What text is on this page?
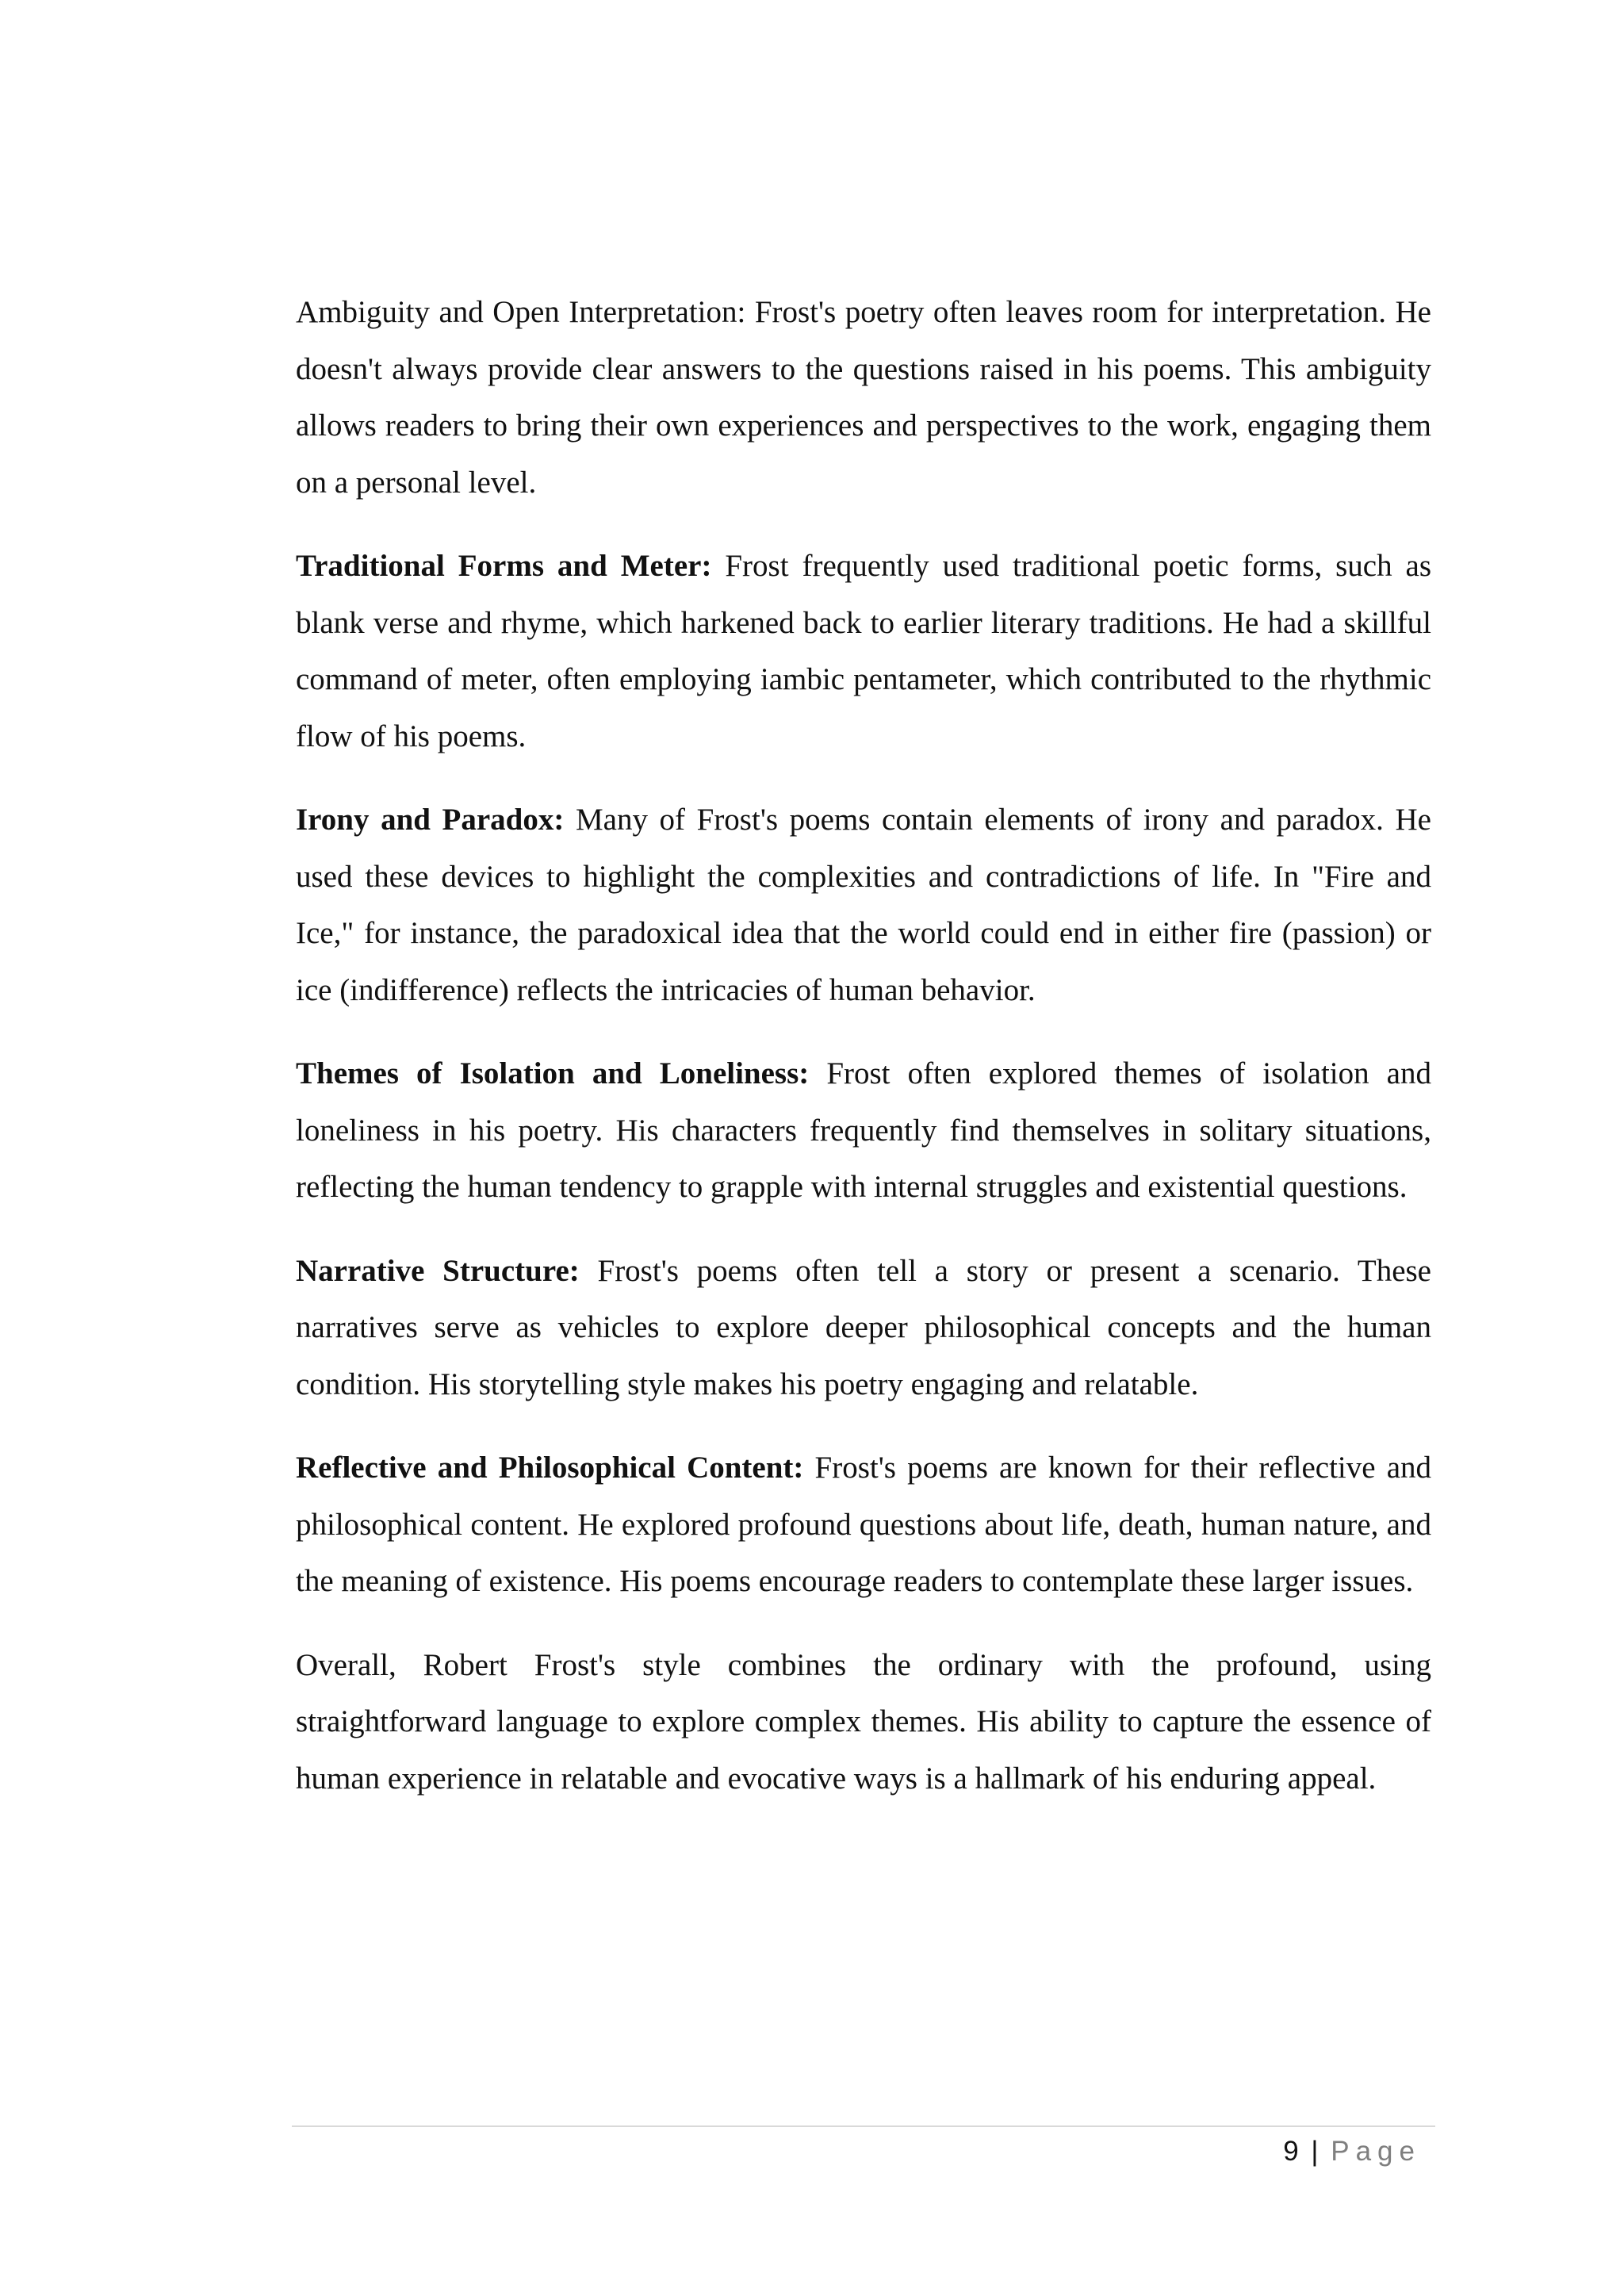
Ambiguity and Open Interpretation: Frost's poetry often leaves room for interpretation. He doesn't always provide clear answers to the questions raised in his poems. This ambiguity allows readers to bring their own experiences and perspectives to the work, engaging them on a personal level.

Traditional Forms and Meter: Frost frequently used traditional poetic forms, such as blank verse and rhyme, which harkened back to earlier literary traditions. He had a skillful command of meter, often employing iambic pentameter, which contributed to the rhythmic flow of his poems.

Irony and Paradox: Many of Frost's poems contain elements of irony and paradox. He used these devices to highlight the complexities and contradictions of life. In "Fire and Ice," for instance, the paradoxical idea that the world could end in either fire (passion) or ice (indifference) reflects the intricacies of human behavior.

Themes of Isolation and Loneliness: Frost often explored themes of isolation and loneliness in his poetry. His characters frequently find themselves in solitary situations, reflecting the human tendency to grapple with internal struggles and existential questions.

Narrative Structure: Frost's poems often tell a story or present a scenario. These narratives serve as vehicles to explore deeper philosophical concepts and the human condition. His storytelling style makes his poetry engaging and relatable.

Reflective and Philosophical Content: Frost's poems are known for their reflective and philosophical content. He explored profound questions about life, death, human nature, and the meaning of existence. His poems encourage readers to contemplate these larger issues.

Overall, Robert Frost's style combines the ordinary with the profound, using straightforward language to explore complex themes. His ability to capture the essence of human experience in relatable and evocative ways is a hallmark of his enduring appeal.

9 | Page
